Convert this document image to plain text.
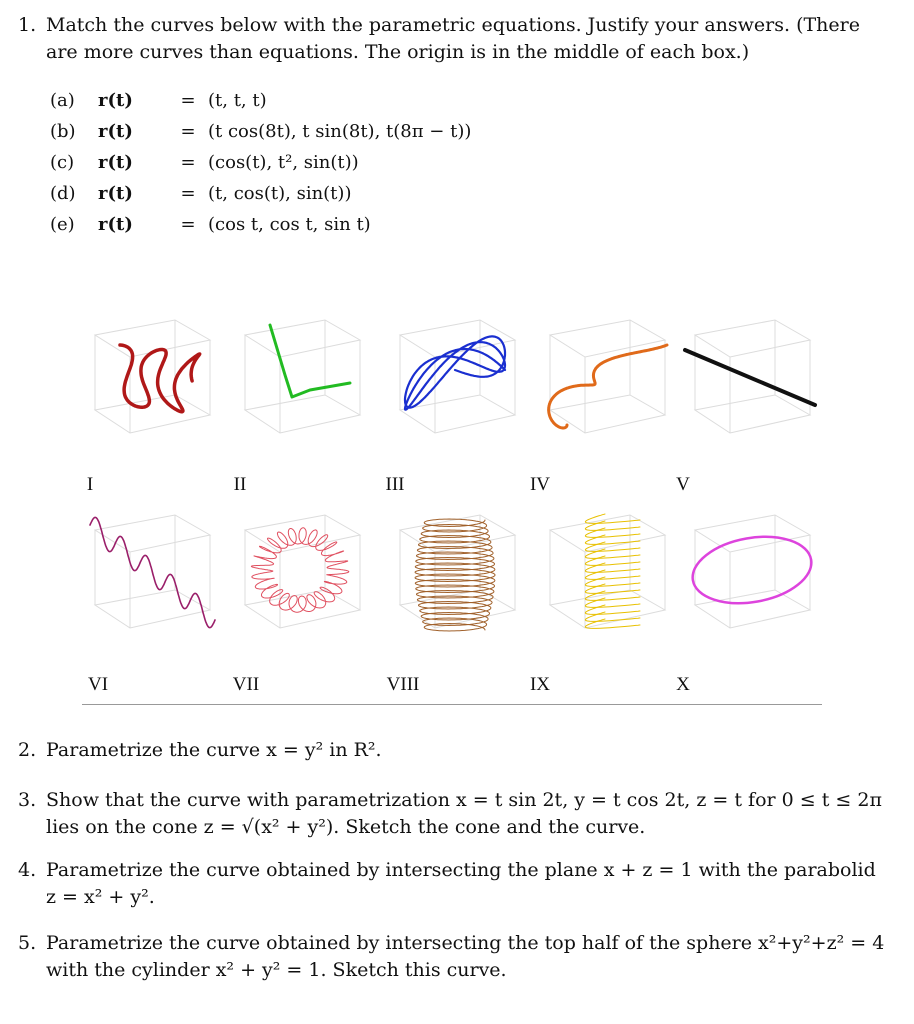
1. Match the curves below with the parametric equations. Justify your answers. (There are more curves than equations. The origin is in the middle of each box.)
(a)	r(t)	= (t, t, t)
(b)	r(t)	= (t cos(8t), t sin(8t), t(8π − t))
(c)	r(t)	= (cos(t), t², sin(t))
(d)	r(t)	= (t, cos(t), sin(t))
(e)	r(t)	= (cos t, cos t, sin t)
I	II	III	IV	V
VI	VII	VIII	IX	X
2. Parametrize the curve x = y² in R².
3. Show that the curve with parametrization x = t sin 2t, y = t cos 2t, z = t for 0 ≤ t ≤ 2π
lies on the cone z = √(x² + y²). Sketch the cone and the curve.
4. Parametrize the curve obtained by intersecting the plane x + z = 1 with the parabolid
z = x² + y².
5. Parametrize the curve obtained by intersecting the top half of the sphere x²+y²+z² = 4
with the cylinder x² + y² = 1. Sketch this curve.
